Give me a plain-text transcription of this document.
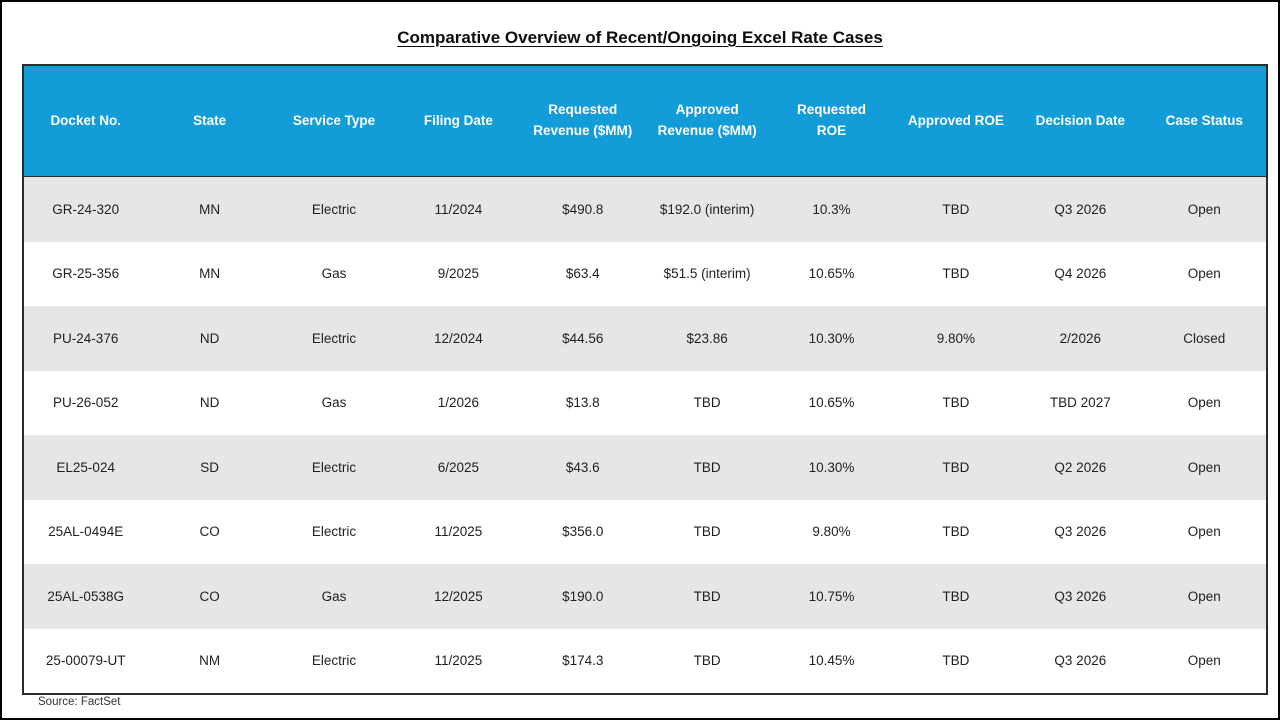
Comparative Overview of Recent/Ongoing Excel Rate Cases
Docket No.	State	Service Type	Filing Date	Requested Revenue ($MM)	Approved Revenue ($MM)	Requested ROE	Approved ROE	Decision Date	Case Status
GR-24-320	MN	Electric	11/2024	$490.8	$192.0 (interim)	10.3%	TBD	Q3 2026	Open
GR-25-356	MN	Gas	9/2025	$63.4	$51.5 (interim)	10.65%	TBD	Q4 2026	Open
PU-24-376	ND	Electric	12/2024	$44.56	$23.86	10.30%	9.80%	2/2026	Closed
PU-26-052	ND	Gas	1/2026	$13.8	TBD	10.65%	TBD	TBD 2027	Open
EL25-024	SD	Electric	6/2025	$43.6	TBD	10.30%	TBD	Q2 2026	Open
25AL-0494E	CO	Electric	11/2025	$356.0	TBD	9.80%	TBD	Q3 2026	Open
25AL-0538G	CO	Gas	12/2025	$190.0	TBD	10.75%	TBD	Q3 2026	Open
25-00079-UT	NM	Electric	11/2025	$174.3	TBD	10.45%	TBD	Q3 2026	Open
Source: FactSet
